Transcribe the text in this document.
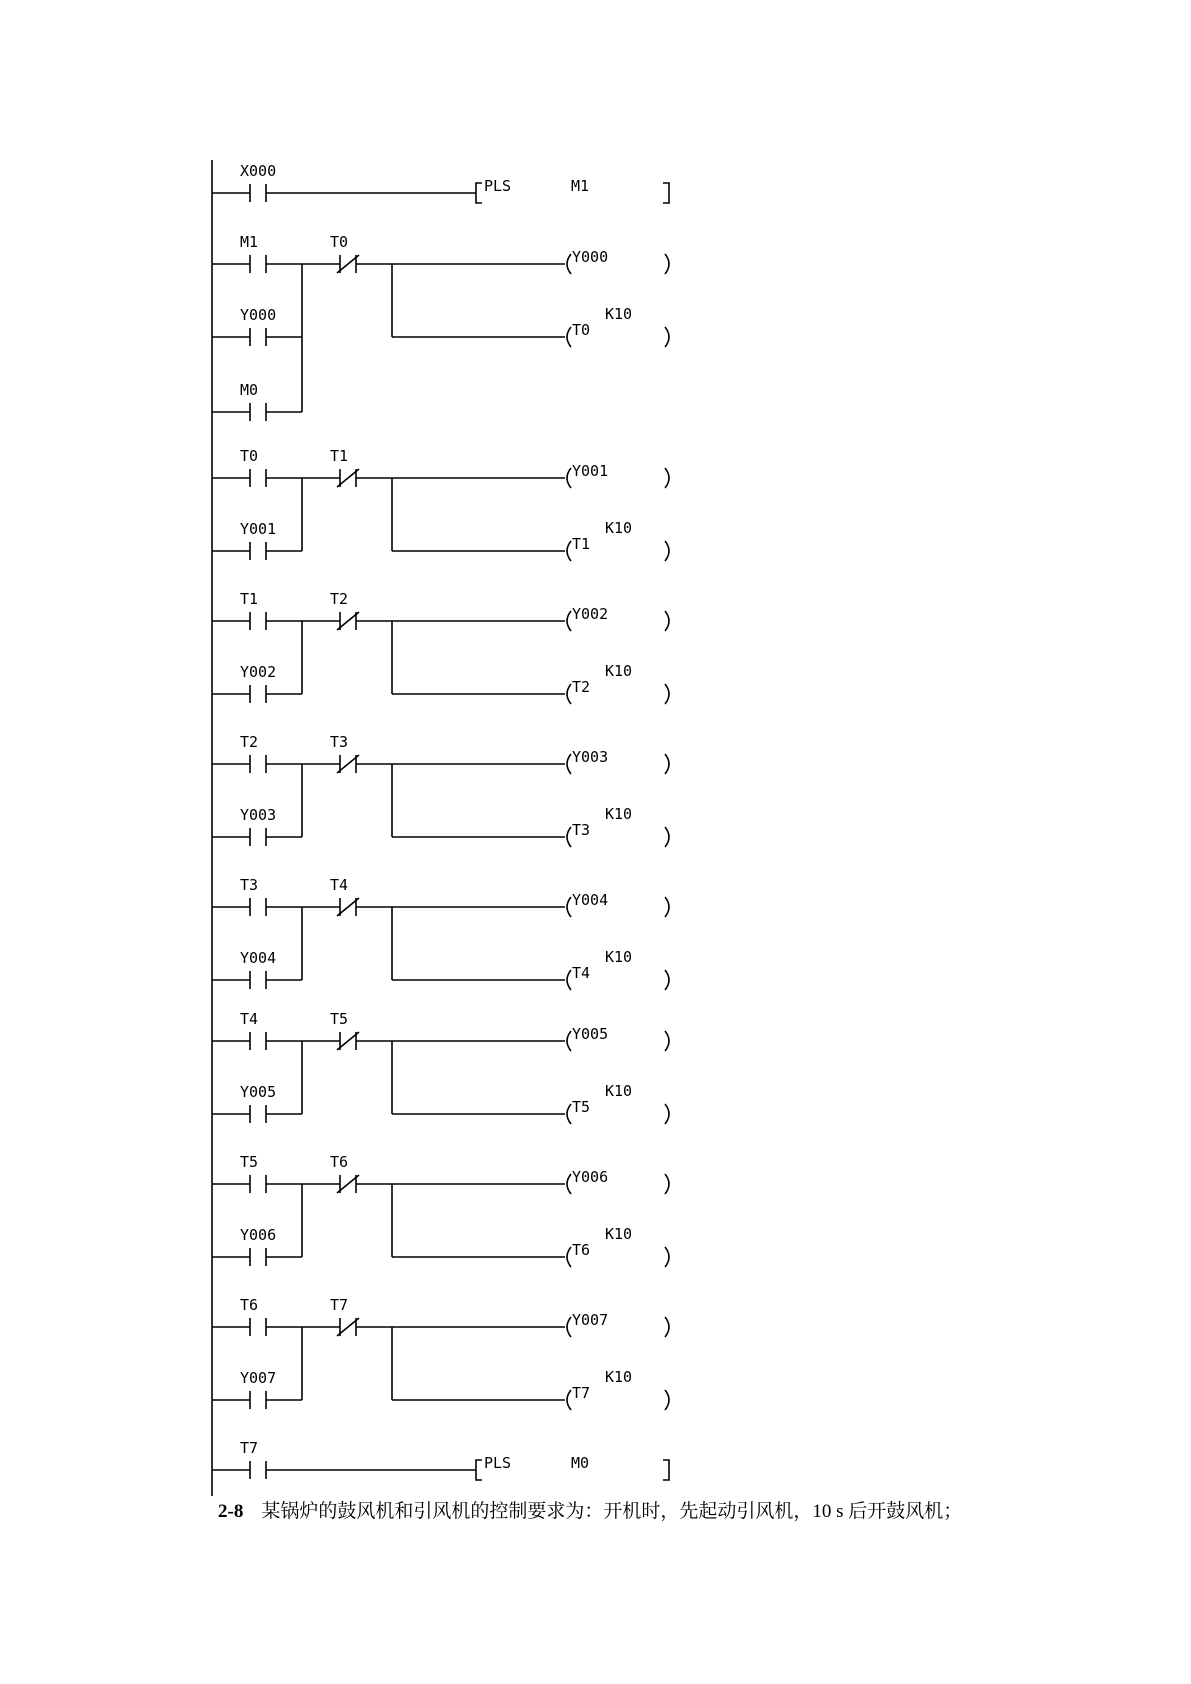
X000
PLS	M1
M1
Y000
M0
T0
Y000
T0
K10
T0
Y001
T1
Y001
T1
K10
T1
Y002
T2
Y002
T2
K10
T2
Y003
T3
Y003
T3
K10
T3
Y004
T4
Y004
T4
K10
T4
Y005
T5
Y005
T5
K10
T5
Y006
T6
Y006
T6
K10
T6
Y007
T7
Y007
T7
K10
T7
PLS	M0
2-8 某锅炉的鼓风机和引风机的控制要求为：开机时，先起动引风机，10 s 后开鼓风机；
